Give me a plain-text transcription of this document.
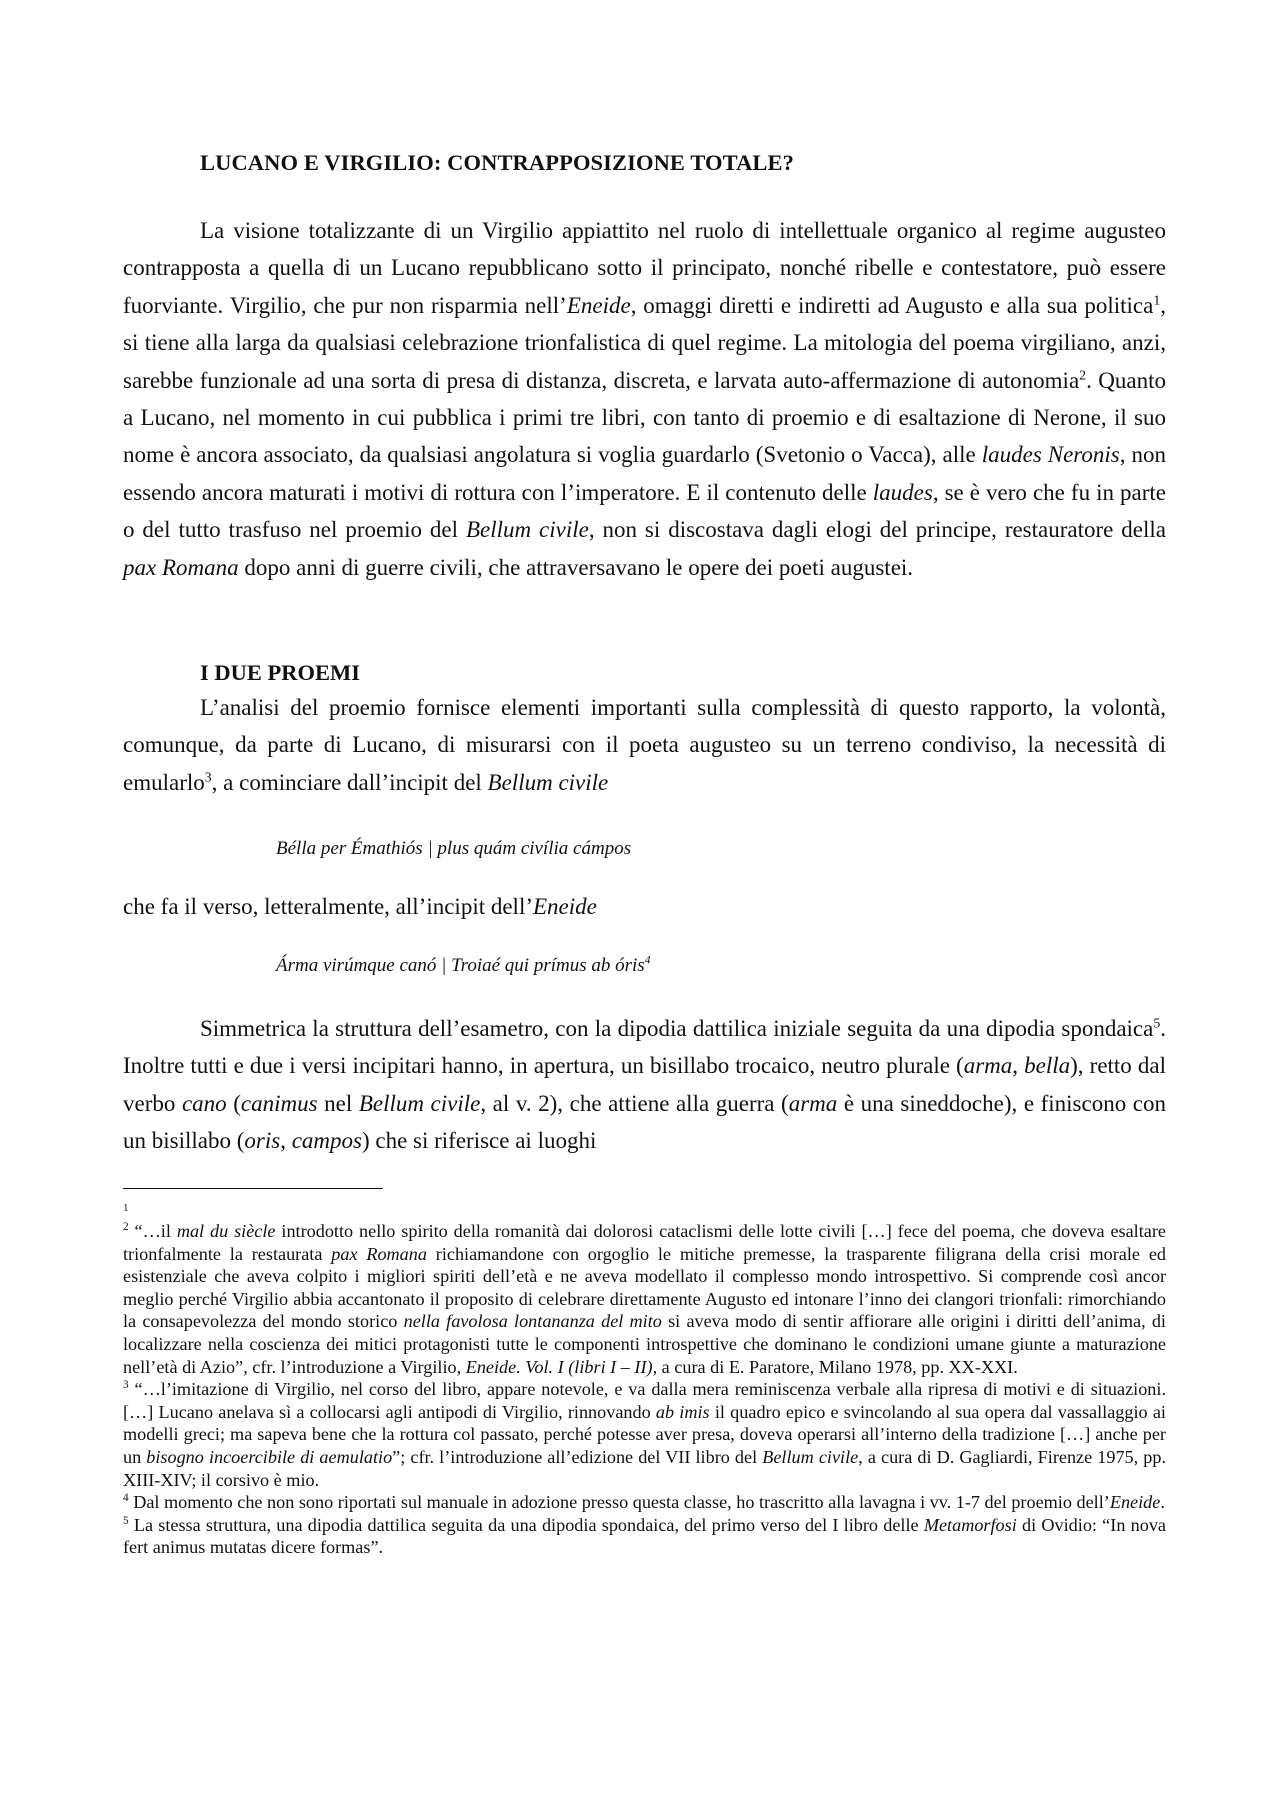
LUCANO E VIRGILIO: CONTRAPPOSIZIONE TOTALE?

La visione totalizzante di un Virgilio appiattito nel ruolo di intellettuale organico al regime augusteo contrapposta a quella di un Lucano repubblicano sotto il principato, nonché ribelle e contestatore, può essere fuorviante. Virgilio, che pur non risparmia nell’Eneide, omaggi diretti e indiretti ad Augusto e alla sua politica$^1$, si tiene alla larga da qualsiasi celebrazione trionfalistica di quel regime. La mitologia del poema virgiliano, anzi, sarebbe funzionale ad una sorta di presa di distanza, discreta, e larvata auto-affermazione di autonomia$^2$. Quanto a Lucano, nel momento in cui pubblica i primi tre libri, con tanto di proemio e di esaltazione di Nerone, il suo nome è ancora associato, da qualsiasi angolatura si voglia guardarlo (Svetonio o Vacca), alle laudes Neronis, non essendo ancora maturati i motivi di rottura con l’imperatore. E il contenuto delle laudes, se è vero che fu in parte o del tutto trasfuso nel proemio del Bellum civile, non si discostava dagli elogi del principe, restauratore della pax Romana dopo anni di guerre civili, che attraversavano le opere dei poeti augustei.

I DUE PROEMI

L’analisi del proemio fornisce elementi importanti sulla complessità di questo rapporto, la volontà, comunque, da parte di Lucano, di misurarsi con il poeta augusteo su un terreno condiviso, la necessità di emularlo$^3$, a cominciare dall’incipit del Bellum civile

Bélla per Émathiós | plus quám civília cámpos

che fa il verso, letteralmente, all’incipit dell’Eneide

Árma virúmque canó | Troiaé qui prímus ab óris$^4$

Simmetrica la struttura dell’esametro, con la dipodia dattilica iniziale seguita da una dipodia spondaica$^5$. Inoltre tutti e due i versi incipitari hanno, in apertura, un bisillabo trocaico, neutro plurale (arma, bella), retto dal verbo cano (canimus nel Bellum civile, al v. 2), che attiene alla guerra (arma è una sineddoche), e finiscono con un bisillabo (oris, campos) che si riferisce ai luoghi

1

$^2$ “…il mal du siècle introdotto nello spirito della romanità dai dolorosi cataclismi delle lotte civili […] fece del poema, che doveva esaltare trionfalmente la restaurata pax Romana richiamandone con orgoglio le mitiche premesse, la trasparente filigrana della crisi morale ed esistenziale che aveva colpito i migliori spiriti dell’età e ne aveva modellato il complesso mondo introspettivo. Si comprende così ancor meglio perché Virgilio abbia accantonato il proposito di celebrare direttamente Augusto ed intonare l’inno dei clangori trionfali: rimorchiando la consapevolezza del mondo storico nella favolosa lontananza del mito si aveva modo di sentir affiorare alle origini i diritti dell’anima, di localizzare nella coscienza dei mitici protagonisti tutte le componenti introspettive che dominano le condizioni umane giunte a maturazione nell’età di Azio”, cfr. l’introduzione a Virgilio, Eneide. Vol. I (libri I – II), a cura di E. Paratore, Milano 1978, pp. XX-XXI.

$^3$ “…l’imitazione di Virgilio, nel corso del libro, appare notevole, e va dalla mera reminiscenza verbale alla ripresa di motivi e di situazioni. […] Lucano anelava sì a collocarsi agli antipodi di Virgilio, rinnovando ab imis il quadro epico e svincolando al sua opera dal vassallaggio ai modelli greci; ma sapeva bene che la rottura col passato, perché potesse aver presa, doveva operarsi all’interno della tradizione […] anche per un bisogno incoercibile di aemulatio”; cfr. l’introduzione all’edizione del VII libro del Bellum civile, a cura di D. Gagliardi, Firenze 1975, pp. XIII-XIV; il corsivo è mio.

$^4$ Dal momento che non sono riportati sul manuale in adozione presso questa classe, ho trascritto alla lavagna i vv. 1-7 del proemio dell’Eneide.

$^5$ La stessa struttura, una dipodia dattilica seguita da una dipodia spondaica, del primo verso del I libro delle Metamorfosi di Ovidio: “In nova fert animus mutatas dicere formas”.
